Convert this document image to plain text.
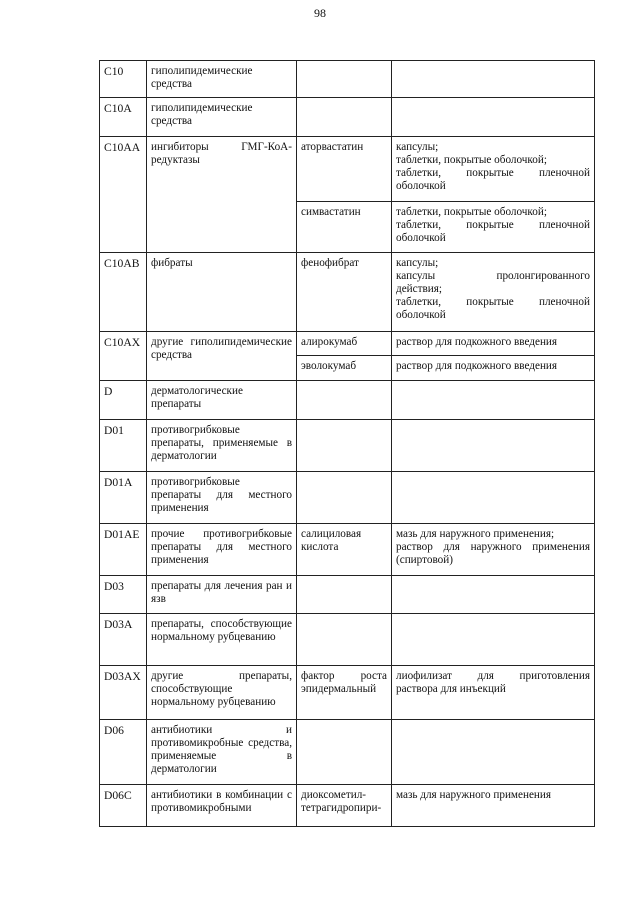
98
C10	гиполипидемические средства		
C10A	гиполипидемические средства		
C10AA	ингибиторы ГМГ-КоА-редуктазы	аторвастатин	капсулы;
таблетки, покрытые оболочкой;
таблетки, покрытые пленочной
оболочкой

		симвастатин	таблетки, покрытые оболочкой;
таблетки, покрытые пленочной
оболочкой

C10AB	фибраты	фенофибрат	капсулы;
капсулы пролонгированного
действия;
таблетки, покрытые пленочной
оболочкой

C10AX	другие гиполипидемические средства	алирокумаб	раствор для подкожного введения
		эволокумаб	раствор для подкожного введения
D	дерматологические препараты		
D01	противогрибковые препараты, применяемые в дерматологии		
D01A	противогрибковые препараты для местного применения		
D01AE	прочие противогрибковые препараты для местного применения	салициловая кислота	мазь для наружного применения;
раствор для наружного применения
(спиртовой)

D03	препараты для лечения ран и язв		
D03A	препараты, способствующие нормальному рубцеванию		
D03AX	другие препараты, способствующие нормальному рубцеванию	фактор роста эпидермальный	лиофилизат для приготовления
раствора для инъекций

D06	антибиотики и противомикробные средства, применяемые в дерматологии		
D06C	антибиотики в комбинации с противомикробными	диоксометил-тетрагидропири-	мазь для наружного применения
